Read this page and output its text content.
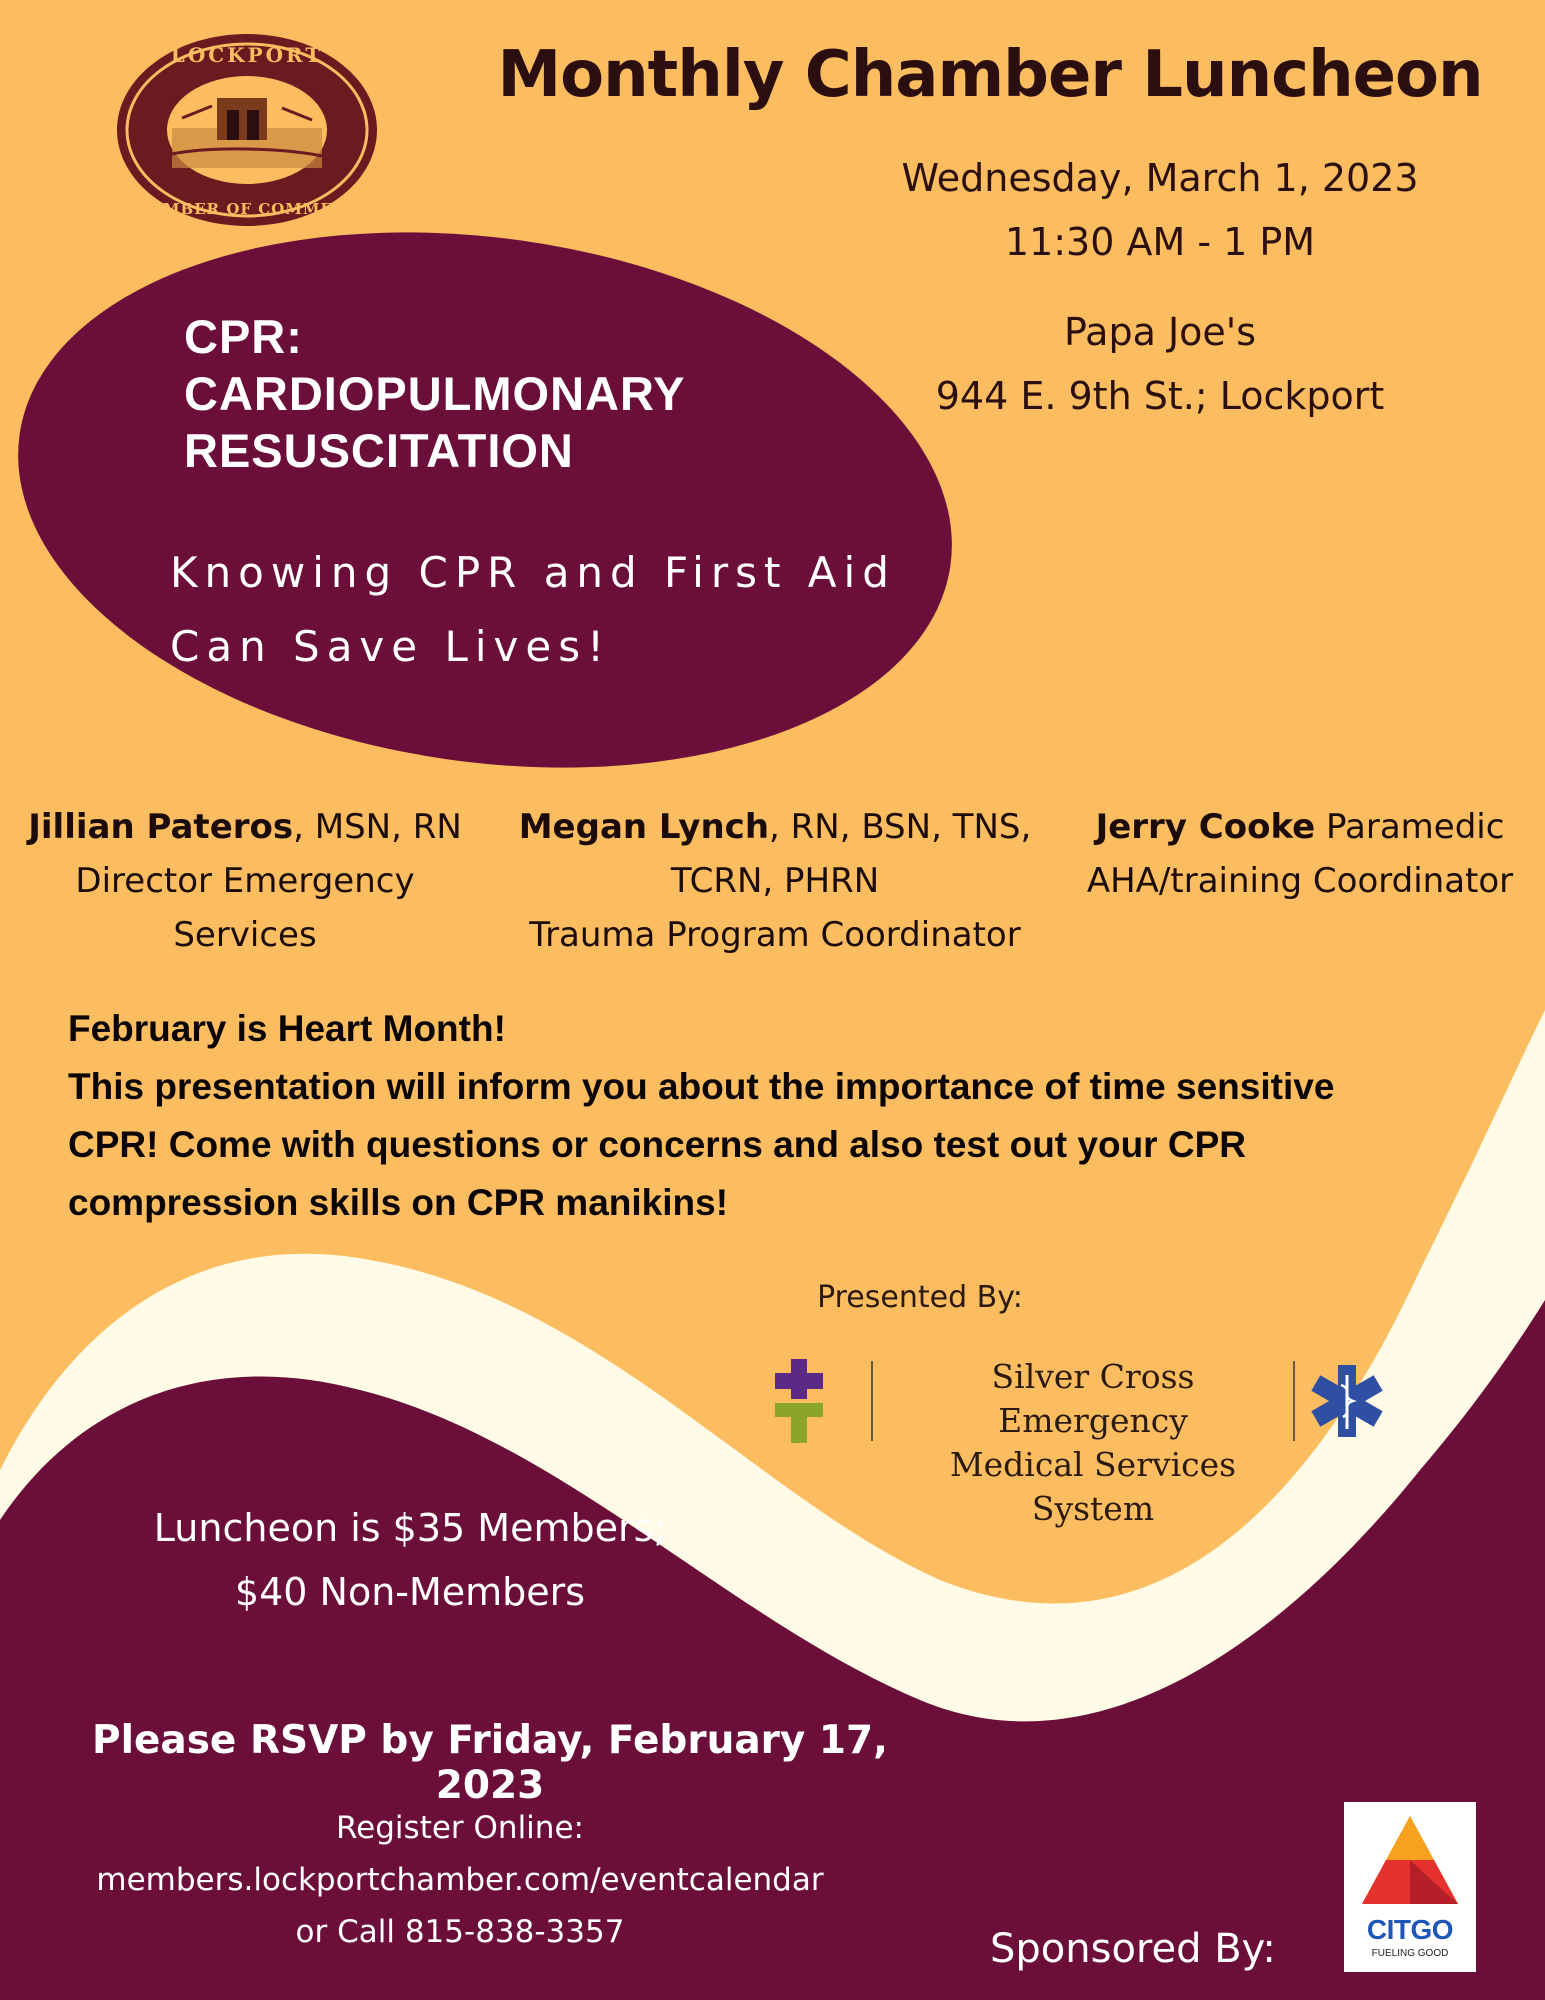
LOCKPORT
CHAMBER OF COMMERCE
Monthly Chamber Luncheon
Wednesday, March 1, 2023
11:30 AM - 1 PM
Papa Joe's
944 E. 9th St.; Lockport
CPR:
CARDIOPULMONARY
RESUSCITATION
Knowing CPR and First Aid
Can Save Lives!
Jillian Pateros, MSN, RN
Director Emergency
Services
Megan Lynch, RN, BSN, TNS,
TCRN, PHRN
Trauma Program Coordinator
Jerry Cooke Paramedic
AHA/training Coordinator
February is Heart Month!
This presentation will inform you about the importance of time sensitive
CPR! Come with questions or concerns and also test out your CPR
compression skills on CPR manikins!
Presented By:
Silver Cross Emergency
Medical Services System
Luncheon is $35 Members;
$40 Non-Members
Please RSVP by Friday, February 17, 2023
Register Online:
members.lockportchamber.com/eventcalendar
or Call 815-838-3357	Sponsored By:	CITGO
FUELING GOOD
